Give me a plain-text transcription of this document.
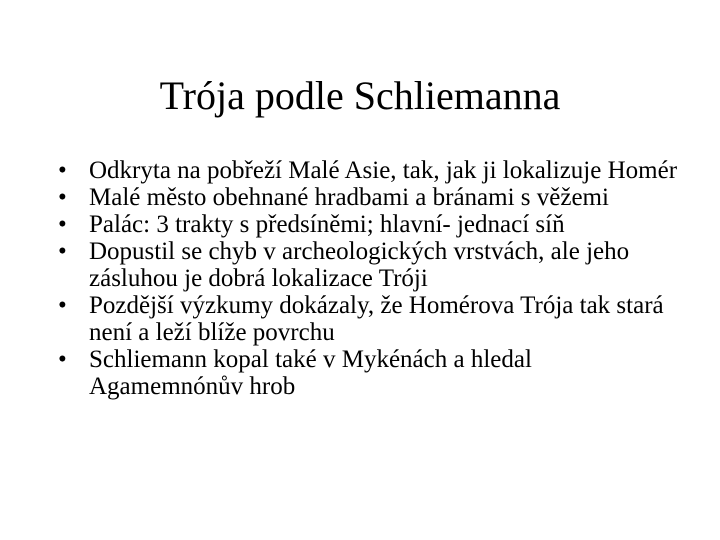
Trója podle Schliemanna
• Odkryta na pobřeží Malé Asie, tak, jak ji lokalizuje Homér
• Malé město obehnané hradbami a bránami s věžemi
• Palác: 3 trakty s předsíněmi; hlavní- jednací síň
• Dopustil se chyb v archeologických vrstvách, ale jeho zásluhou je dobrá lokalizace Tróji
• Pozdější výzkumy dokázaly, že Homérova Trója tak stará není a leží blíže povrchu
• Schliemann kopal také v Mykénách a hledal Agamemnónův hrob
